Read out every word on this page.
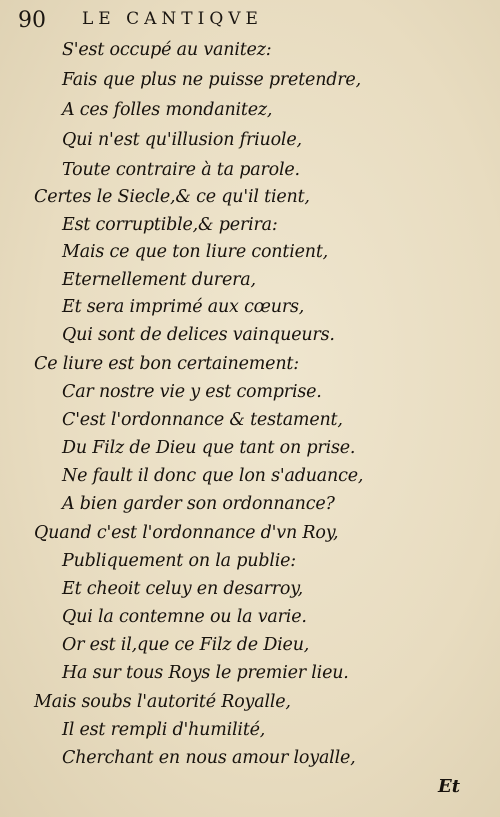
90 LE CANTIQVE
S'est occupé au vanitez:
Fais que plus ne puisse pretendre,
A ces folles mondanitez,
Qui n'est qu'illusion friuole,
Toute contraire à ta parole.
Certes le Siecle,& ce qu'il tient,
Est corruptible,& perira:
Mais ce que ton liure contient,
Eternellement durera,
Et sera imprimé aux cœurs,
Qui sont de delices vainqueurs.
Ce liure est bon certainement:
Car nostre vie y est comprise.
C'est l'ordonnance & testament,
Du Filz de Dieu que tant on prise.
Ne fault il donc que lon s'aduance,
A bien garder son ordonnance?
Quand c'est l'ordonnance d'vn Roy,
Publiquement on la publie:
Et cheoit celuy en desarroy,
Qui la contemne ou la varie.
Or est il,que ce Filz de Dieu,
Ha sur tous Roys le premier lieu.
Mais soubs l'autorité Royalle,
Il est rempli d'humilité,
Cherchant en nous amour loyalle,
Et
